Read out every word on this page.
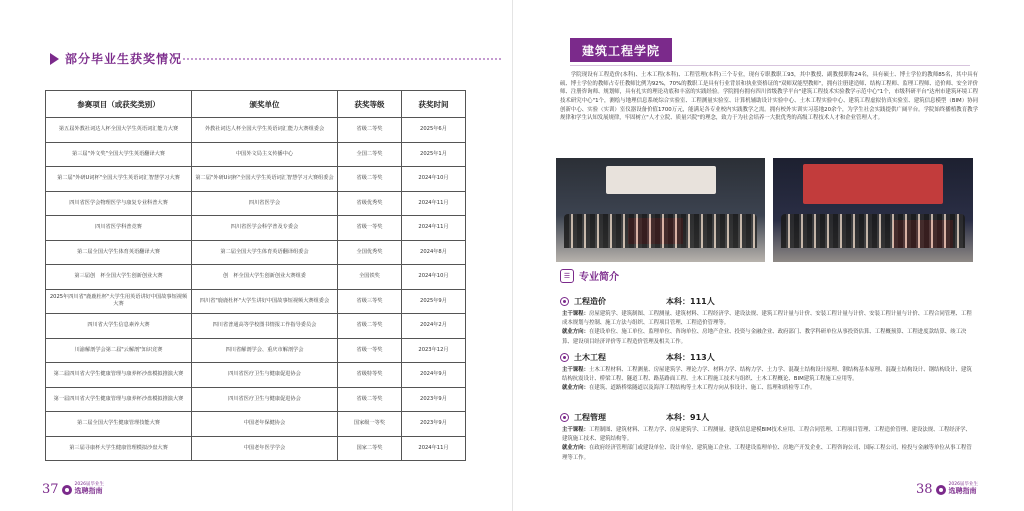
部分毕业生获奖情况
参赛项目（或获奖类别）	颁奖单位	获奖等级	获奖时间
第五届外教社词达人杯全国大学生英语词汇能力大赛	外教社词达人杯全国大学生英语词汇能力大赛组委会	省级二等奖	2025年6月
第三届"外文奖"全国大学生英语翻译大赛	中国外文局主义传播中心	全国二等奖	2025年1月
第二届"外研U词杯"全国大学生英语词汇智慧学习大赛	第二届"外研U词杯"全国大学生英语词汇智慧学习大赛组委会	省级二等奖	2024年10月
四川省医学会物理医学与康复专业科普大赛	四川省医学会	省级优秀奖	2024年11月
四川省医学科普竞赛	四川省医学会科学普及专委会	省级一等奖	2024年11月
第二届全国大学生体育英语翻译大赛	第二届全国大学生体育英语翻译组委会	全国优秀奖	2024年8月
第三届创　杯全国大学生创新创业大赛	创　杯全国大学生创新创业大赛组委	全国铁奖	2024年10月
2025年四川省"鹿鹿杜杯"大学生用英语讲好中国故事短视频大赛	四川省"鹿鹿杜杯"大学生讲好中国故事短视频大赛组委会	省级三等奖	2025年9月
四川省大学生信息素养大赛	四川省普通高等学校图书情报工作指导委员会	省级二等奖	2024年2月
川渝解剖学会第二届"云解剖"知识竞赛	四川省解剖学会、重庆市解剖学会	省级一等奖	2023年12月
第二届四川省大学生健康管理与康养杯沙盘模拟推演大赛	四川省医疗卫生与健康促进协会	省级特等奖	2024年9月
第一届四川省大学生健康管理与康养杯沙盘模拟推演大赛	四川省医疗卫生与健康促进协会	省级二等奖	2023年9月
第二届全国大学生健康管理技能大赛	中国老年保健协会	国家级一等奖	2023年9月
第三届寻康杯大学生健康管理模拟沙盘大赛	中国老年医学学会	国家二等奖	2024年11月
37	2026届毕业生
选聘指南
建筑工程学院
学院现设有工程造价(本科)、土木工程(本科)、工程管理(本科)三个专业，现有专职教职工93，其中教授、副教授职称24名，具有硕士、博士学位的教师85名，其中具有硕、博士学位的教师占专任教师比例为92%，70%的教职工是具有行业背景和执业资格证的"双师双能型教师"，拥有注册建造师、结构工程师、监理工程师、造价师、安全评价师、注册咨询师、规划师，具有扎实的理论功底和丰富的实践经验。学院拥有拥有四川省级教学平台"建筑工程技术实验教学示范中心"1个，市级科研平台"达州市建筑环境工程技术研究中心"1个，测绘与地理信息系统综合实验室、工程测量实验室、计算机辅助设计实验中心、土木工程实验中心、建筑工程虚拟仿真实验室、建筑信息模型（BIM）协同创新中心、实验（实训）室仪器设备价值1700万元，能满足各专业校内实践教学之需。拥有校外实训实习基地20余个，为学生社会实践提供广阔平台。学院始终播植教育教学规律和学生认知发展规律，牢固树立"人才立院、质量兴院"的理念，致力于为社会培养一大批优秀的高级工程技术人才和企业管理人才。
☰ 专业简介
工程造价	本科：111人
主干课程：房屋建筑学、建筑制图、工程测量、建筑材料、工程经济学、建设法规、建筑工程计量与计价、安装工程计量与计价、安装工程计量与计价、工程合同管理、工程成本规划与控制、施工方法与组织、工程项目管理、工程造价管理等。
就业方向：在建设单位、施工单位、监理单位、咨询单位、房地产企业、投资与金融企业、政府部门、教学科研单位从事投资估算、工程概预算、工程进度款结算、竣工决算、建设项目经济评价等工程造价管理及相关工作。
土木工程	本科：113人
主干课程：土木工程材料、工程测量、房屋建筑学、理论力学、材料力学、结构力学、土力学、混凝土结构设计原理、钢结构基本原理、混凝土结构设计、钢结构设计、建筑结构抗震设计、桥梁工程、隧道工程、路基路面工程、土木工程施工技术与组织、土木工程概论、BIM建筑工程施工应用等。
就业方向：在建筑、道路桥梁隧道以及海洋工程结构等土木工程方向从事设计、施工、监理和质检等工作。
工程管理	本科：91人
主干课程：工程制图、建筑材料、工程力学、房屋建筑学、工程测量、建筑信息建模BIM技术应用、工程合同管理、工程项目管理、工程造价管理、建设法规、工程经济学、建筑施工技术、建筑结构等。
就业方向：在政府经济管理部门或建设单位、设计单位、建筑施工企业、工程建设监理单位、房地产开发企业、工程咨询公司、国际工程公司、检投与金融等单位从事工程管理等工作。
38	2026届毕业生
选聘指南
